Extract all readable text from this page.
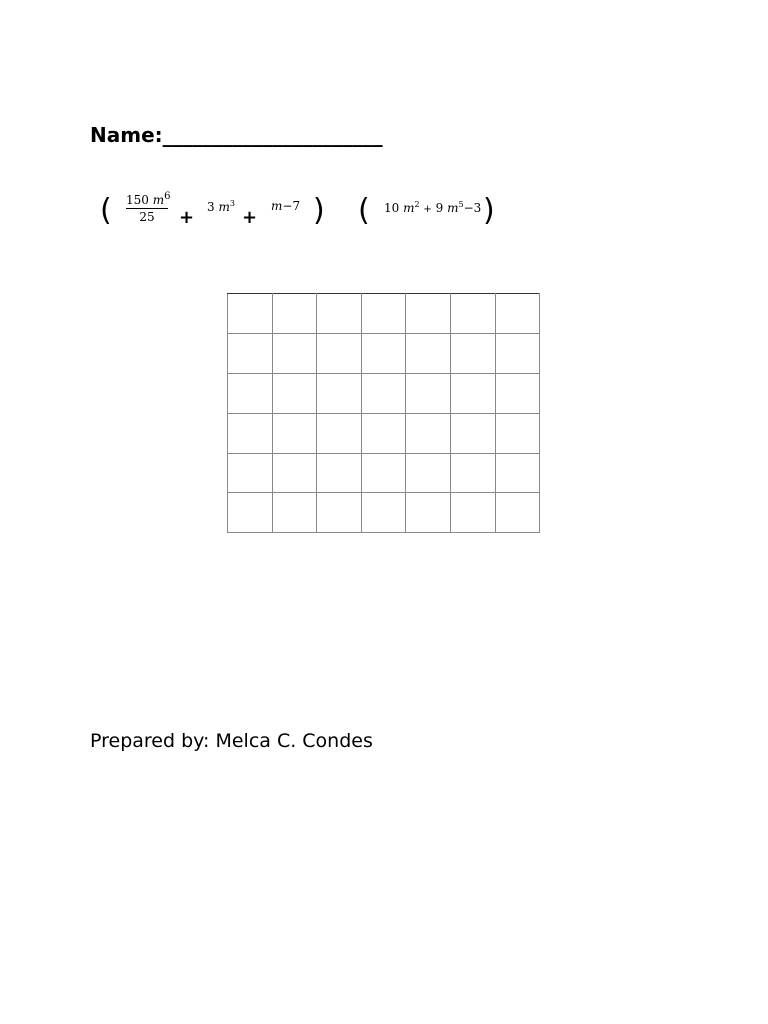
Name:______________________
( 150 $m^6$
25	+ 3 $m^3$
+
m−7 ) ( 10 $m^2 + 9$ $m^5-3$ )

Prepared by: Melca C. Condes
